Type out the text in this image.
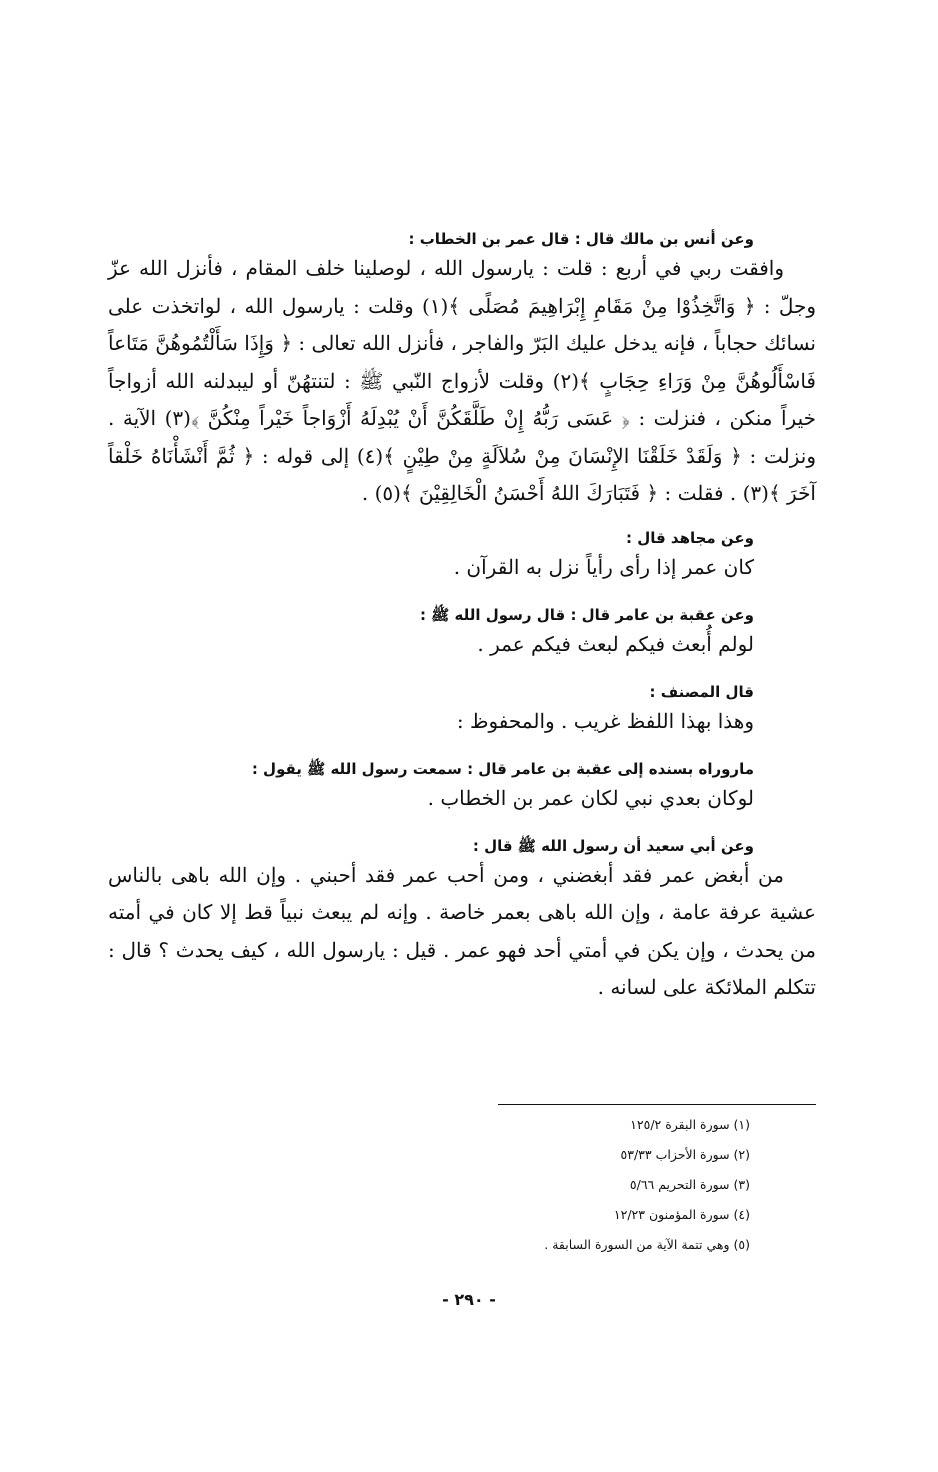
وعن أنس بن مالك قال : قال عمر بن الخطاب :

وافقت ربي في أربع : قلت : يارسول الله ، لوصلينا خلف المقام ، فأنزل الله عزّ وجلّ : ﴿ وَاتَّخِذُوْا مِنْ مَقَامِ إِبْرَاهِيمَ مُصَلًى ﴾(١) وقلت : يارسول الله ، لواتخذت على نسائك حجاباً ، فإنه يدخل عليك البَرّ والفاجر ، فأنزل الله تعالى : ﴿ وَإِذَا سَأَلْتُمُوهُنَّ مَتَاعاً فَاسْأَلُوهُنَّ مِنْ وَرَاءِ حِجَابٍ ﴾(٢) وقلت لأزواج النّبي ﷺ : لتنتهُنّ أو ليبدلنه الله أزواجاً خيراً منكن ، فنزلت : ﴿ عَسَى رَبُّهُ إِنْ طَلَّقَكُنَّ أَنْ يُبْدِلَهُ أَزْوَاجاً خَيْراً مِنْكُنَّ ﴾(٣) الآية . ونزلت : ﴿ وَلَقَدْ خَلَقْنَا الإِنْسَانَ مِنْ سُلاَلَةٍ مِنْ طِيْنٍ ﴾(٤) إلى قوله : ﴿ ثُمَّ أَنْشَأْنَاهُ خَلْقاً آخَرَ ﴾(٣) . فقلت : ﴿ فَتَبَارَكَ اللهُ أَحْسَنُ الْخَالِقِيْنَ ﴾(٥) .

وعن مجاهد قال :

كان عمر إذا رأى رأياً نزل به القرآن .

وعن عقبة بن عامر قال : قال رسول الله ﷺ :

لولم أُبعث فيكم لبعث فيكم عمر .

قال المصنف :

وهذا بهذا اللفظ غريب . والمحفوظ :

ماروراه بسنده إلى عقبة بن عامر قال : سمعت رسول الله ﷺ يقول :

لوكان بعدي نبي لكان عمر بن الخطاب .

وعن أبي سعيد أن رسول الله ﷺ قال :

من أبغض عمر فقد أبغضني ، ومن أحب عمر فقد أحبني . وإن الله باهى بالناس عشية عرفة عامة ، وإن الله باهى بعمر خاصة . وإنه لم يبعث نبياً قط إلا كان في أمته من يحدث ، وإن يكن في أمتي أحد فهو عمر . قيل : يارسول الله ، كيف يحدث ؟ قال : تتكلم الملائكة على لسانه .

(١) سورة البقرة ١٢٥/٢
(٢) سورة الأحزاب ٥٣/٣٣
(٣) سورة التحريم ٥/٦٦
(٤) سورة المؤمنون ١٢/٢٣
(٥) وهي تتمة الآية من السورة السابقة .
- ٢٩٠ -
